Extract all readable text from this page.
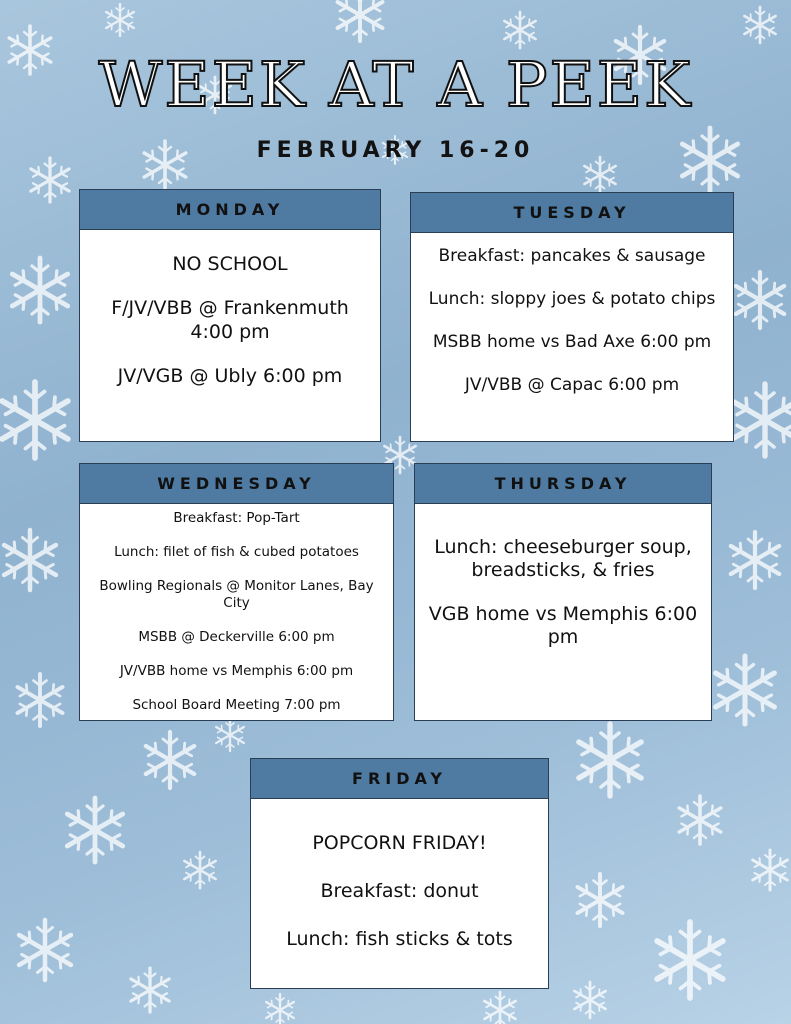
WEEK AT A PEEK
FEBRUARY 16-20
MONDAY
NO SCHOOL
F/JV/VBB @ Frankenmuth 4:00 pm
JV/VGB @ Ubly 6:00 pm
TUESDAY
Breakfast: pancakes & sausage
Lunch: sloppy joes & potato chips
MSBB home vs Bad Axe 6:00 pm
JV/VBB @ Capac 6:00 pm
WEDNESDAY
Breakfast: Pop-Tart
Lunch: filet of fish & cubed potatoes
Bowling Regionals @ Monitor Lanes, Bay City
MSBB @ Deckerville 6:00 pm
JV/VBB home vs Memphis 6:00 pm
School Board Meeting 7:00 pm
THURSDAY
Lunch: cheeseburger soup, breadsticks, & fries
VGB home vs Memphis 6:00 pm
FRIDAY
POPCORN FRIDAY!
Breakfast: donut
Lunch: fish sticks & tots
